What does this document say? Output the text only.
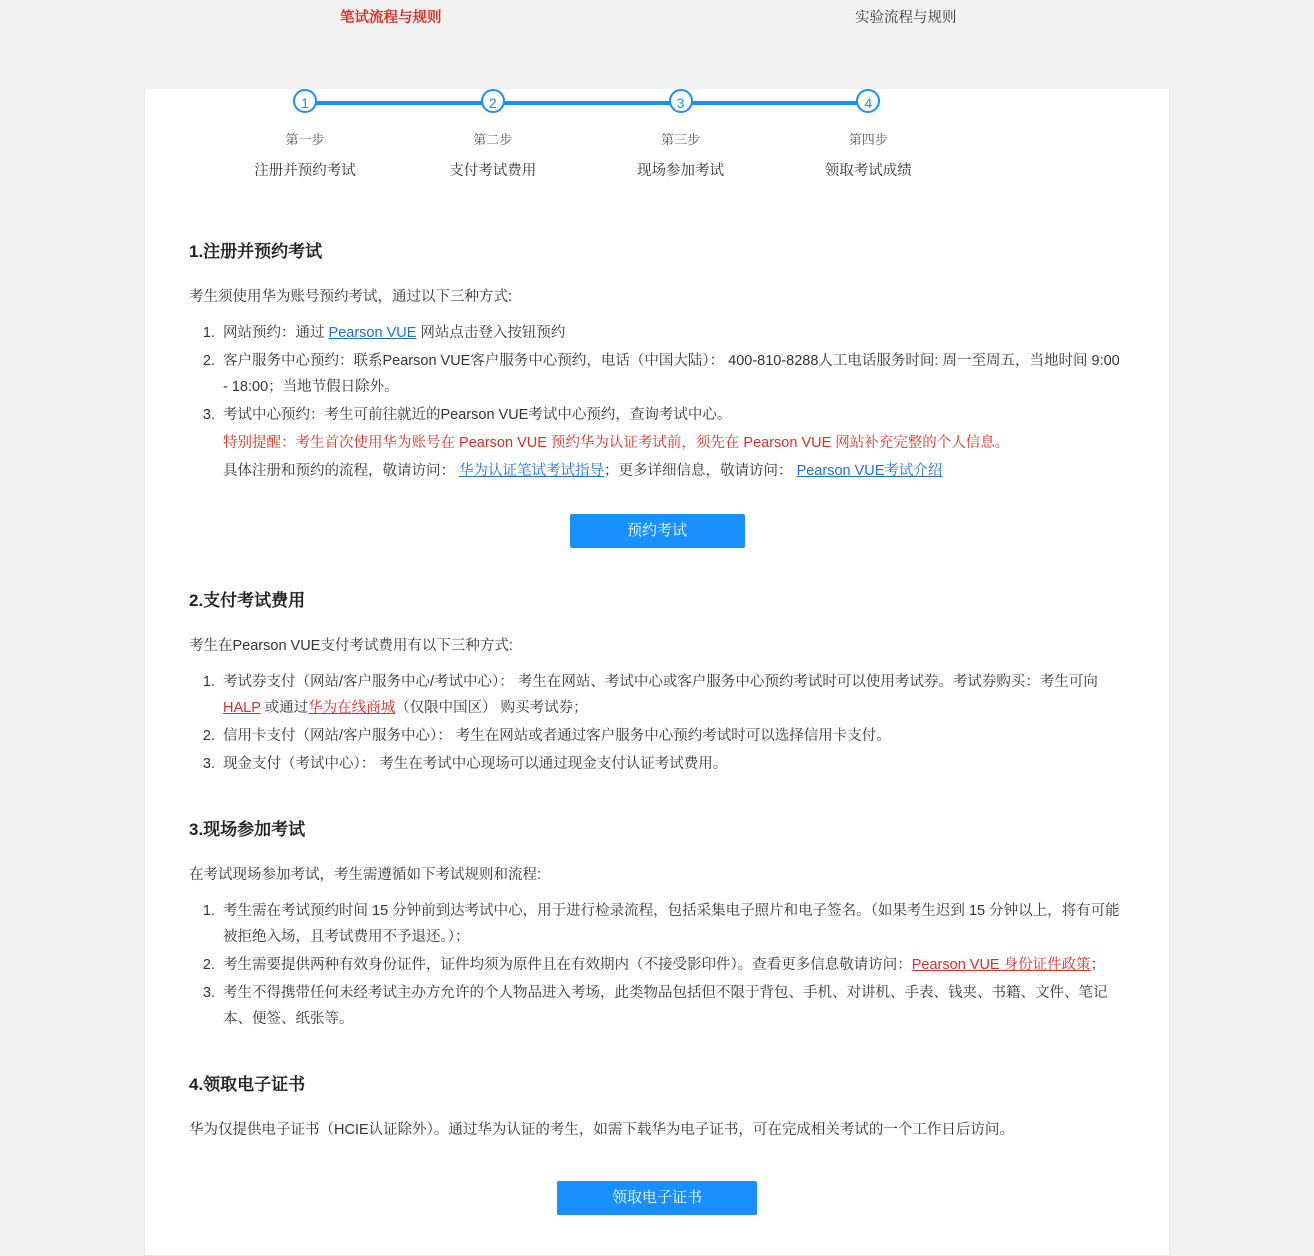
笔试流程与规则	实验流程与规则
1	2	3	4
第一步
注册并预约考试
第二步
支付考试费用
第三步
现场参加考试
第四步
领取考试成绩
1.注册并预约考试

考生须使用华为账号预约考试，通过以下三种方式:

1. 网站预约：通过 Pearson VUE 网站点击登入按钮预约
2. 客户服务中心预约：联系Pearson VUE客户服务中心预约，电话（中国大陆）： 400-810-8288人工电话服务时间: 周一至周五，当地时间 9:00 - 18:00；当地节假日除外。
3. 考试中心预约：考生可前往就近的Pearson VUE考试中心预约，查询考试中心。
特别提醒：考生首次使用华为账号在 Pearson VUE 预约华为认证考试前，须先在 Pearson VUE 网站补充完整的个人信息。
具体注册和预约的流程，敬请访问： 华为认证笔试考试指导；更多详细信息，敬请访问： Pearson VUE考试介绍
预约考试
2.支付考试费用

考生在Pearson VUE支付考试费用有以下三种方式:

1. 考试券支付（网站/客户服务中心/考试中心）： 考生在网站、考试中心或客户服务中心预约考试时可以使用考试券。考试券购买：考生可向 HALP 或通过华为在线商城（仅限中国区） 购买考试券；
2. 信用卡支付（网站/客户服务中心）： 考生在网站或者通过客户服务中心预约考试时可以选择信用卡支付。
3. 现金支付（考试中心）： 考生在考试中心现场可以通过现金支付认证考试费用。
3.现场参加考试

在考试现场参加考试，考生需遵循如下考试规则和流程:

1. 考生需在考试预约时间 15 分钟前到达考试中心，用于进行检录流程，包括采集电子照片和电子签名。（如果考生迟到 15 分钟以上，将有可能被拒绝入场，且考试费用不予退还。）；
2. 考生需要提供两种有效身份证件，证件均须为原件且在有效期内（不接受影印件）。查看更多信息敬请访问：Pearson VUE 身份证件政策；
3. 考生不得携带任何未经考试主办方允许的个人物品进入考场，此类物品包括但不限于背包、手机、对讲机、手表、钱夹、书籍、文件、笔记本、便签、纸张等。
4.领取电子证书

华为仅提供电子证书（HCIE认证除外）。通过华为认证的考生，如需下载华为电子证书，可在完成相关考试的一个工作日后访问。

领取电子证书
